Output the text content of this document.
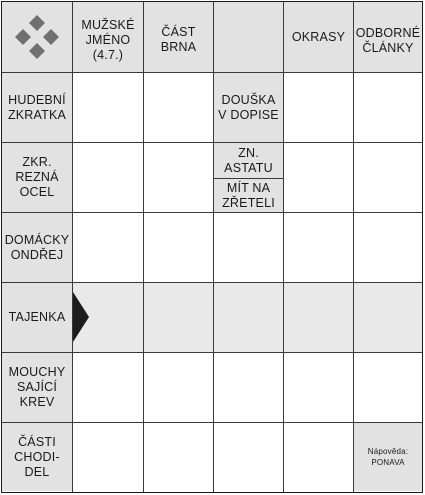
MUŽSKÉ
JMÉNO
(4.7.)
ČÁST
BRNA
OKRASY ODBORNÉ
ČLÁNKY
HUDEBNÍ
ZKRATKA
ZKR.
REZNÁ
OCEL
DOMÁCKY
ONDŘEJ
TAJENKA
MOUCHY
SAJÍCÍ
KREV
ČÁSTI
CHODI-
DEL
DOUŠKA
V DOPISE
ZN.
ASTATU
MÍT NA
ZŘETELI
Nápověda:
PONAVA
